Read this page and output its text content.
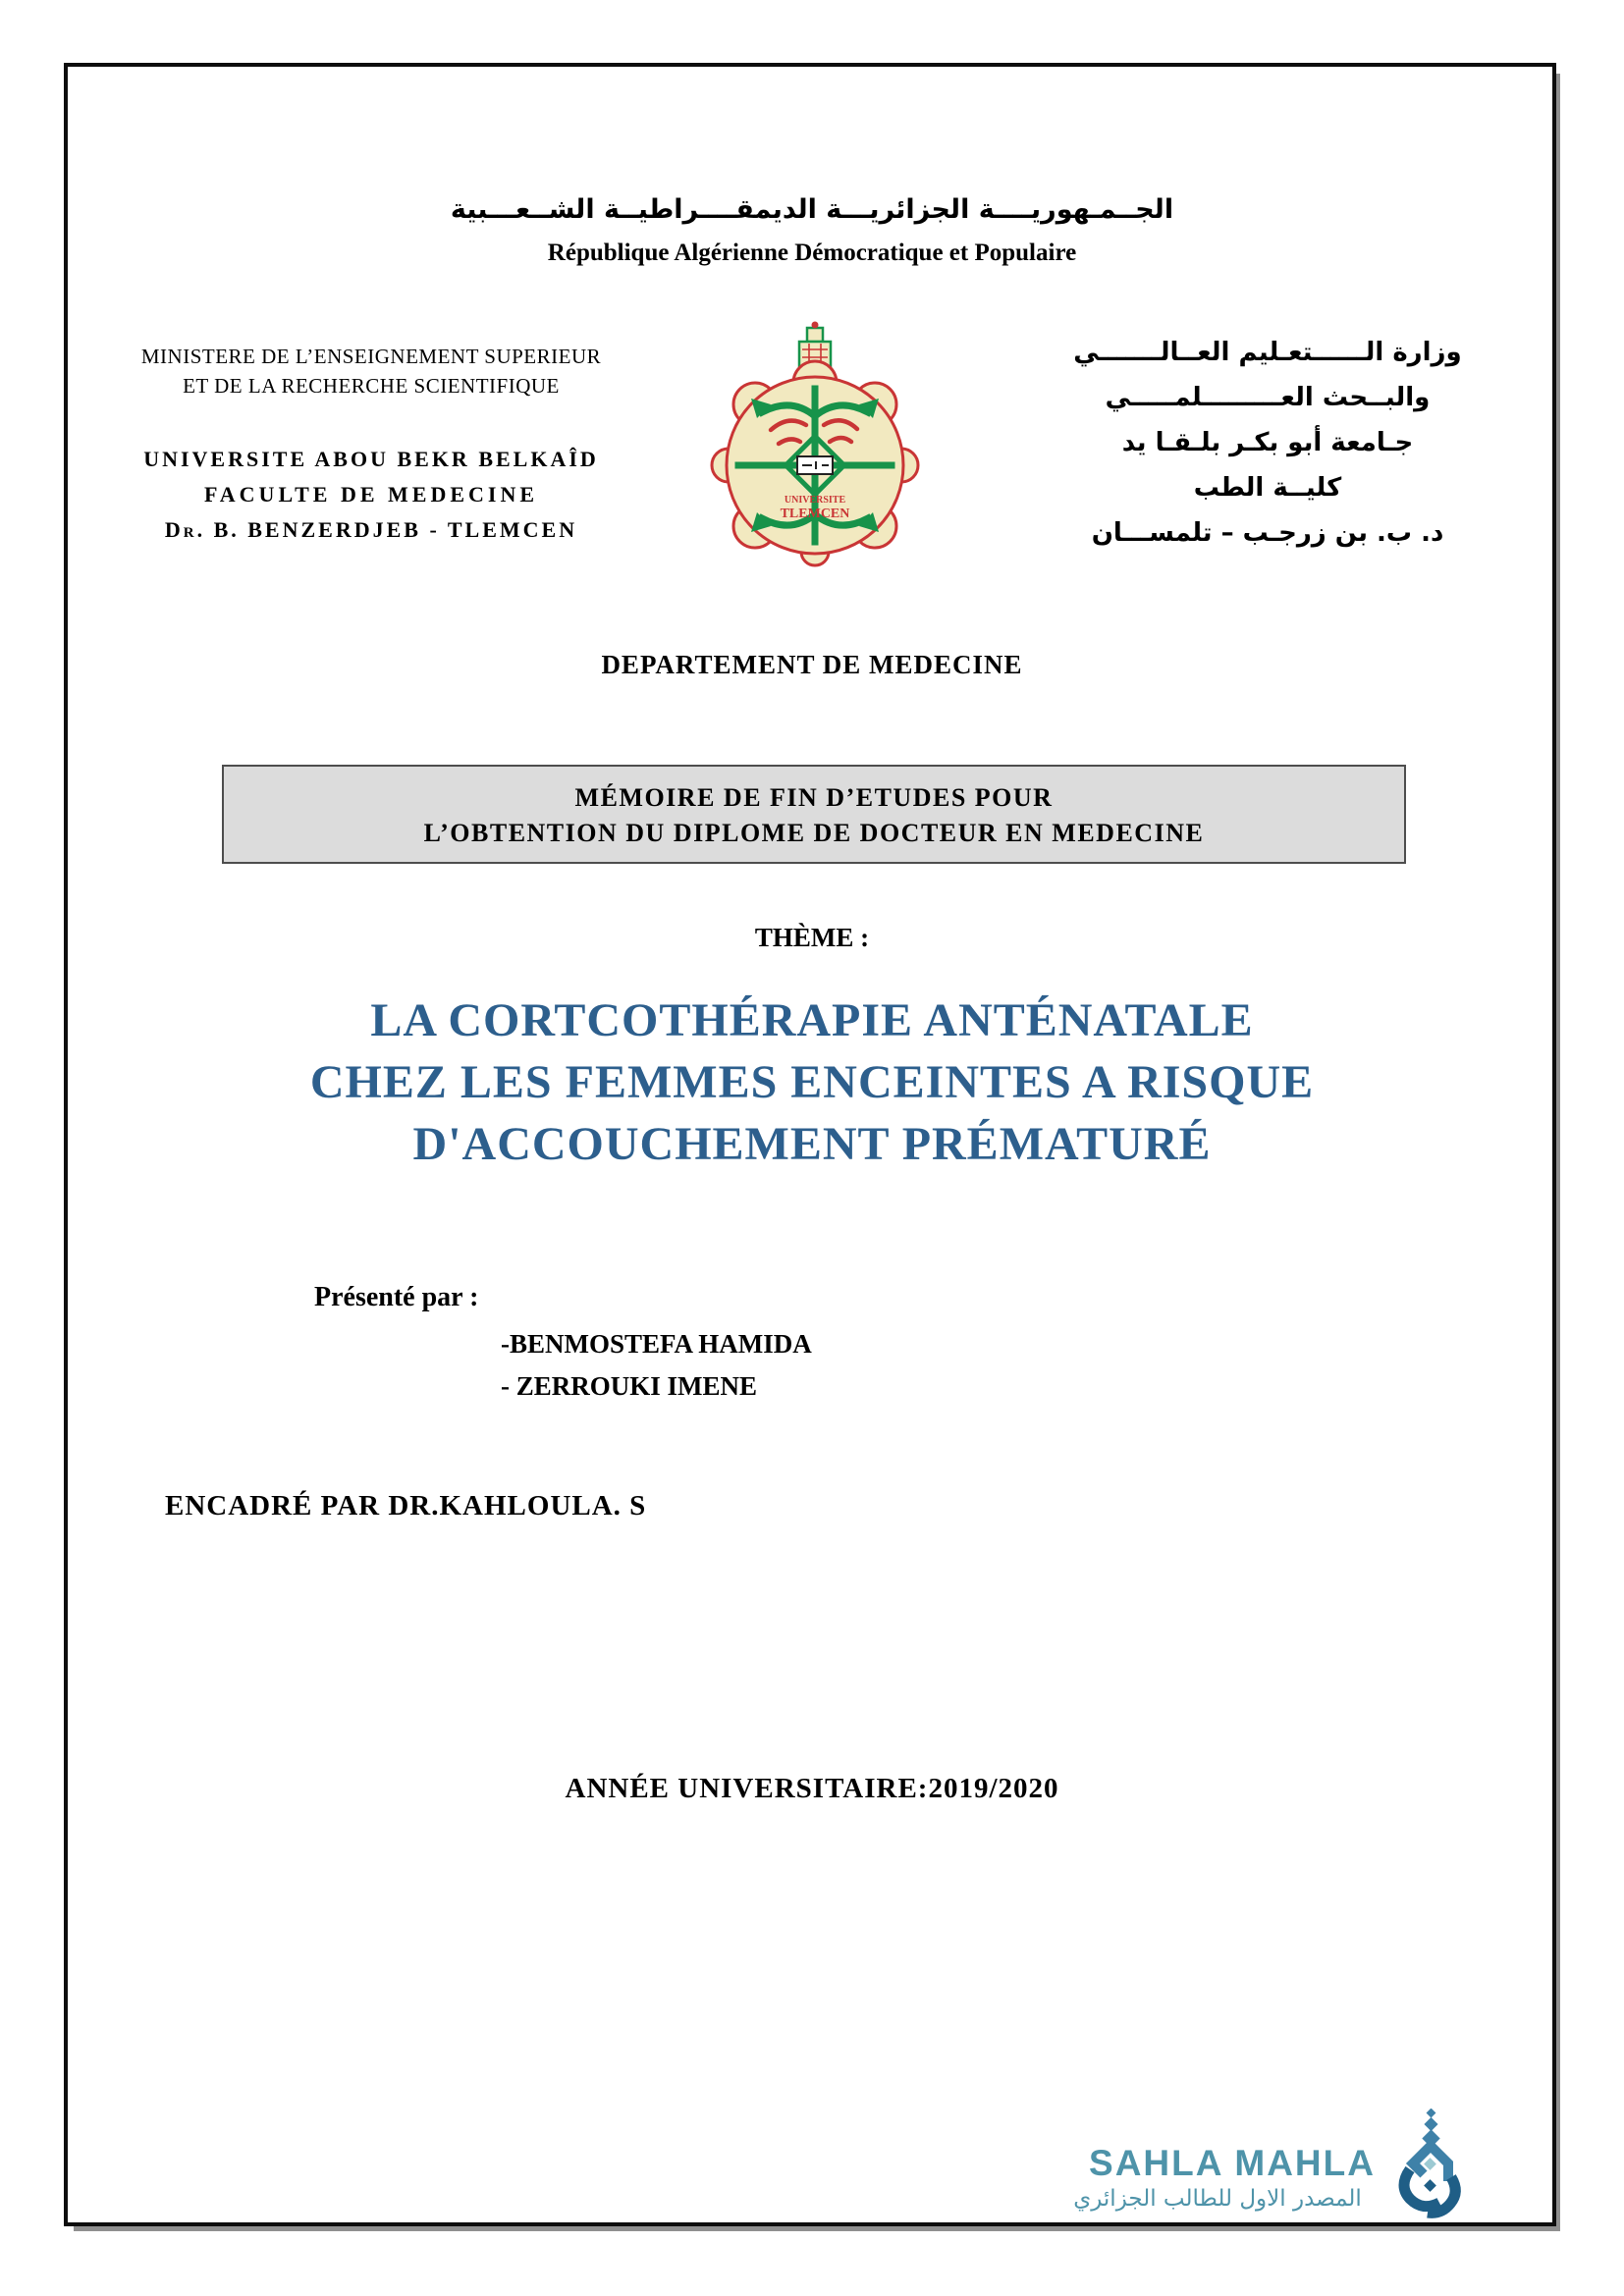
الجــمـهوريــــة الجزائريـــة الديمقــــراطيــة الشــعـــبية
République Algérienne Démocratique et Populaire
MINISTERE DE L’ENSEIGNEMENT SUPERIEUR
ET DE LA RECHERCHE SCIENTIFIQUE
UNIVERSITE ABOU BEKR BELKAÎD
FACULTE DE MEDECINE
Dr. B. BENZERDJEB - TLEMCEN
UNIVERSITE
TLEMCEN
وزارة الــــــتعـليم العــالـــــــي
والبــحث العـــــــــلمـــــي
جـامعة أبو بكـر بلـقـا يد
كليــة الطب
د. ب. بن زرجـب – تلمســـان
DEPARTEMENT DE MEDECINE
MÉMOIRE DE FIN D’ETUDES POUR
L’OBTENTION DU DIPLOME DE DOCTEUR EN MEDECINE
THÈME :
LA CORTCOTHÉRAPIE ANTÉNATALE
CHEZ LES FEMMES ENCEINTES A RISQUE
D'ACCOUCHEMENT PRÉMATURÉ
Présenté par :
-BENMOSTEFA HAMIDA
- ZERROUKI IMENE
ENCADRÉ PAR DR.KAHLOULA. S
ANNÉE UNIVERSITAIRE:2019/2020
SAHLA MAHLA
المصدر الاول للطالب الجزائري
